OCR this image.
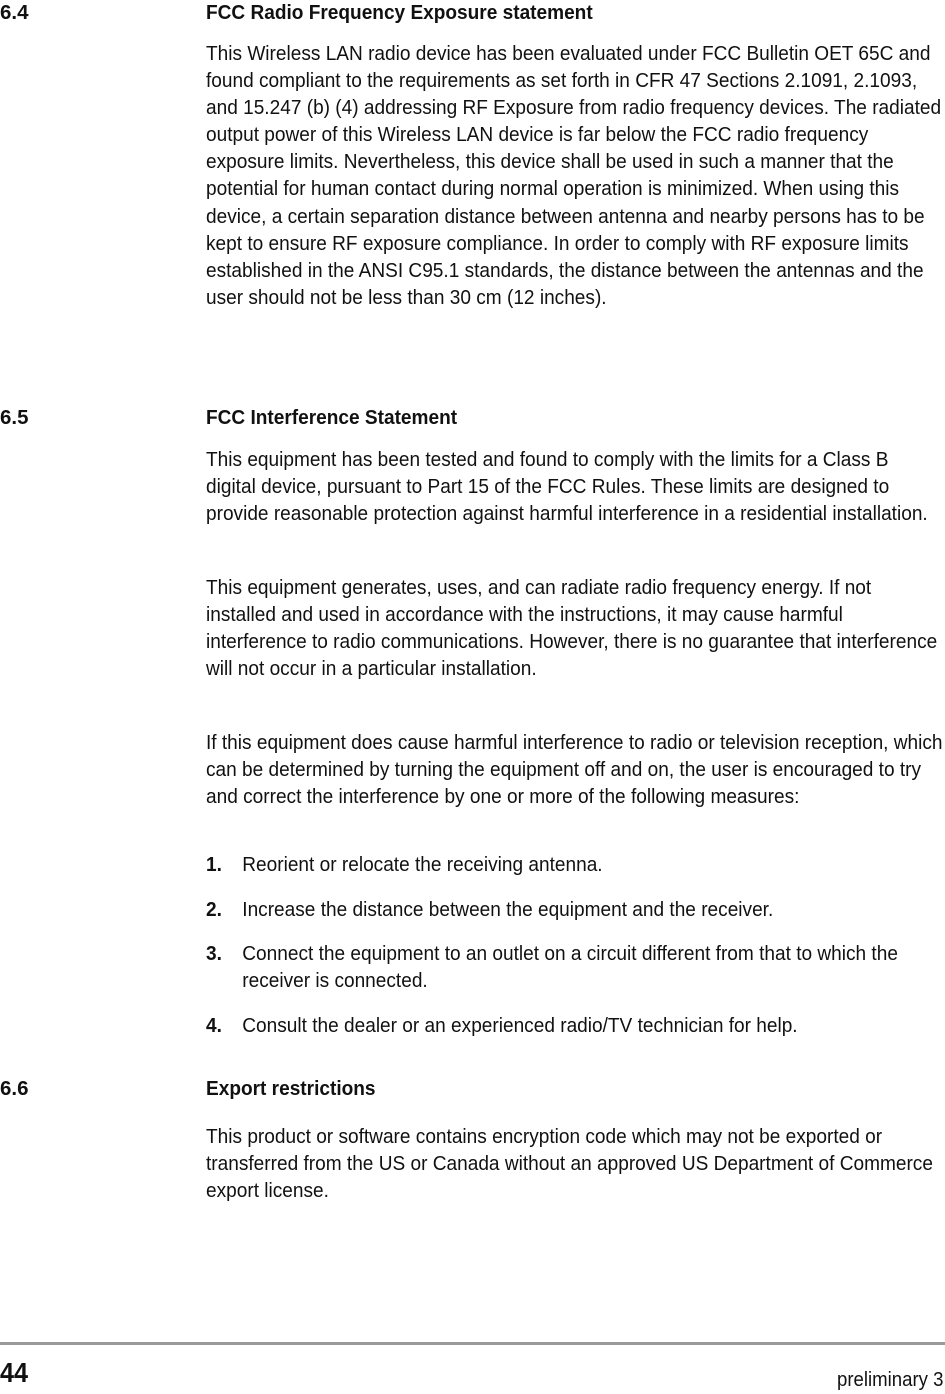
6.4	FCC Radio Frequency Exposure statement
This Wireless LAN radio device has been evaluated under FCC Bulletin OET 65C and found compliant to the requirements as set forth in CFR 47 Sections 2.1091, 2.1093, and 15.247 (b) (4) addressing RF Exposure from radio frequency devices. The radiated output power of this Wireless LAN device is far below the FCC radio frequency exposure limits. Nevertheless, this device shall be used in such a manner that the potential for human contact during normal operation is minimized. When using this device, a certain separation distance between antenna and nearby persons has to be kept to ensure RF exposure compliance. In order to comply with RF exposure limits established in the ANSI C95.1 standards, the distance between the antennas and the user should not be less than 30 cm (12 inches).
6.5	FCC Interference Statement
This equipment has been tested and found to comply with the limits for a Class B digital device, pursuant to Part 15 of the FCC Rules. These limits are designed to provide reasonable protection against harmful interference in a residential installation.
This equipment generates, uses, and can radiate radio frequency energy. If not installed and used in accordance with the instructions, it may cause harmful interference to radio communications. However, there is no guarantee that interference will not occur in a particular installation.
If this equipment does cause harmful interference to radio or television reception, which can be determined by turning the equipment off and on, the user is encouraged to try and correct the interference by one or more of the following measures:
1. Reorient or relocate the receiving antenna.
2. Increase the distance between the equipment and the receiver.
3. Connect the equipment to an outlet on a circuit different from that to which the receiver is connected.
4. Consult the dealer or an experienced radio/TV technician for help.
6.6	Export restrictions
This product or software contains encryption code which may not be exported or transferred from the US or Canada without an approved US Department of Commerce export license.
44	preliminary 3
